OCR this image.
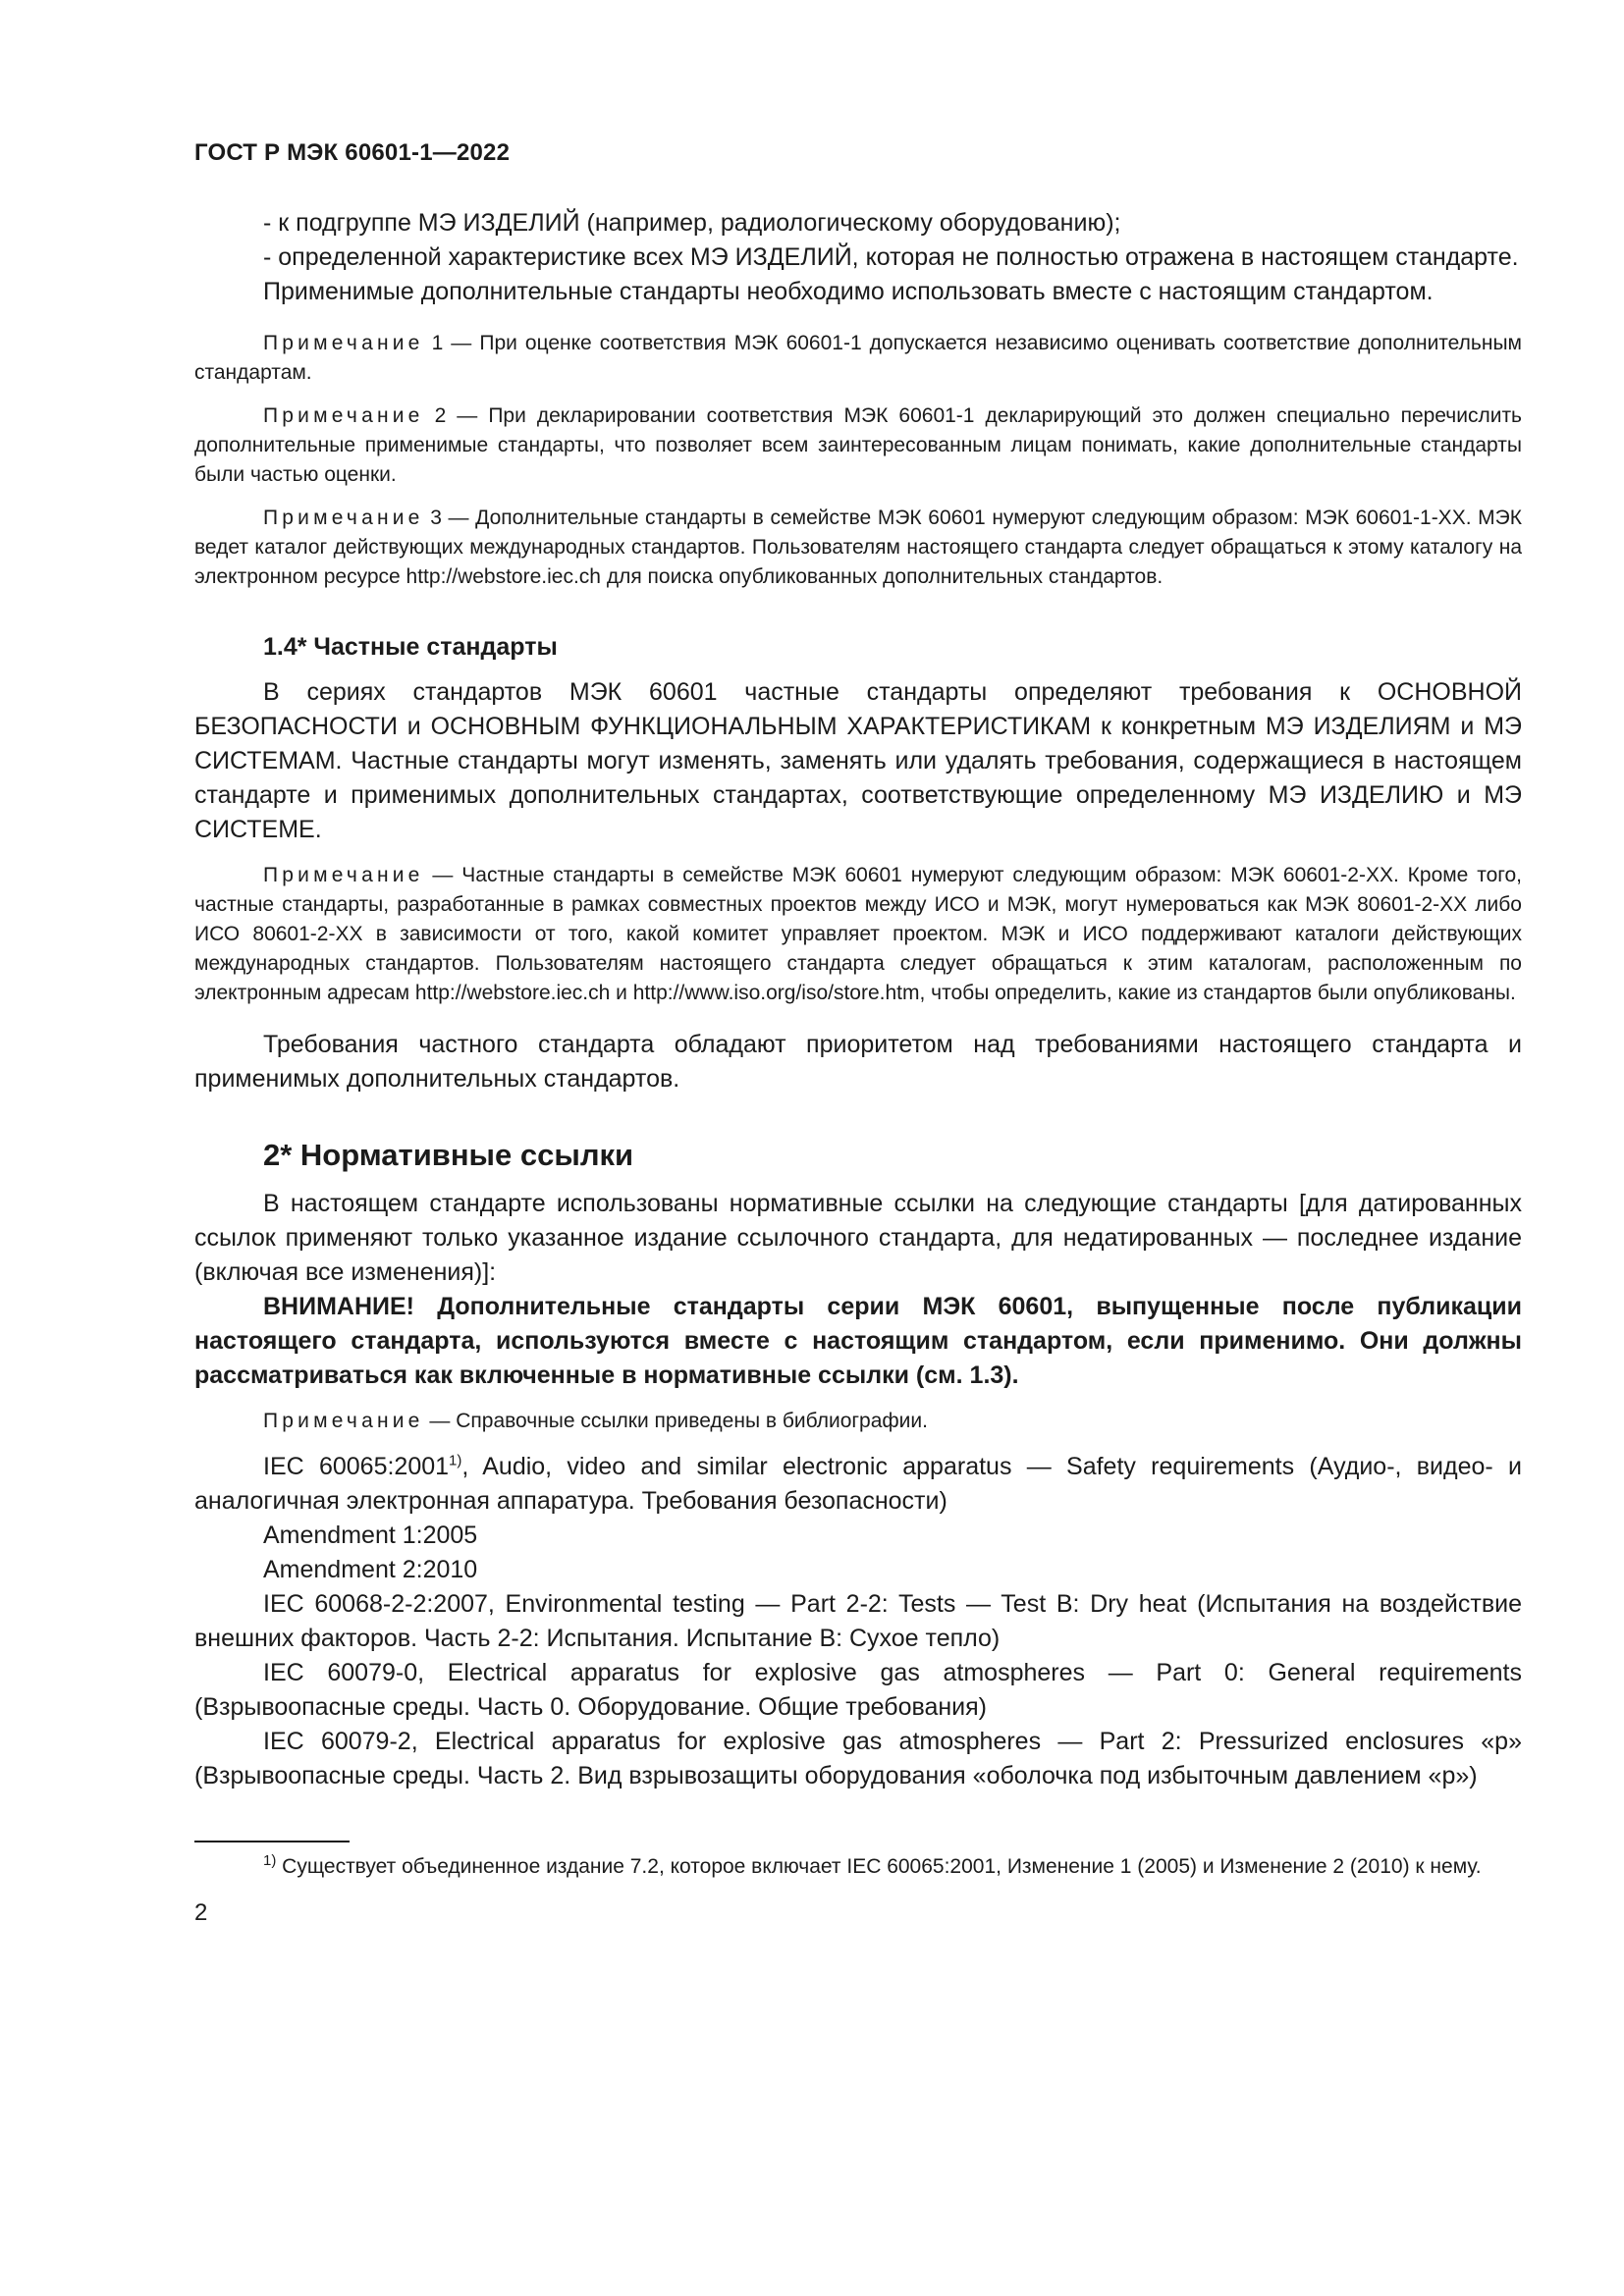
ГОСТ Р МЭК 60601-1—2022

- к подгруппе МЭ ИЗДЕЛИЙ (например, радиологическому оборудованию);

- определенной характеристике всех МЭ ИЗДЕЛИЙ, которая не полностью отражена в настоящем стандарте.

Применимые дополнительные стандарты необходимо использовать вместе с настоящим стандартом.

Примечание 1 — При оценке соответствия МЭК 60601-1 допускается независимо оценивать соответствие дополнительным стандартам.

Примечание 2 — При декларировании соответствия МЭК 60601-1 декларирующий это должен специально перечислить дополнительные применимые стандарты, что позволяет всем заинтересованным лицам понимать, какие дополнительные стандарты были частью оценки.

Примечание 3 — Дополнительные стандарты в семействе МЭК 60601 нумеруют следующим образом: МЭК 60601-1-XX. МЭК ведет каталог действующих международных стандартов. Пользователям настоящего стандарта следует обращаться к этому каталогу на электронном ресурсе http://webstore.iec.ch для поиска опубликованных дополнительных стандартов.

1.4* Частные стандарты

В сериях стандартов МЭК 60601 частные стандарты определяют требования к ОСНОВНОЙ БЕЗОПАСНОСТИ и ОСНОВНЫМ ФУНКЦИОНАЛЬНЫМ ХАРАКТЕРИСТИКАМ к конкретным МЭ ИЗДЕЛИЯМ и МЭ СИСТЕМАМ. Частные стандарты могут изменять, заменять или удалять требования, содержащиеся в настоящем стандарте и применимых дополнительных стандартах, соответствующие определенному МЭ ИЗДЕЛИЮ и МЭ СИСТЕМЕ.

Примечание — Частные стандарты в семействе МЭК 60601 нумеруют следующим образом: МЭК 60601-2-XX. Кроме того, частные стандарты, разработанные в рамках совместных проектов между ИСО и МЭК, могут нумероваться как МЭК 80601-2-XX либо ИСО 80601-2-XX в зависимости от того, какой комитет управляет проектом. МЭК и ИСО поддерживают каталоги действующих международных стандартов. Пользователям настоящего стандарта следует обращаться к этим каталогам, расположенным по электронным адресам http://webstore.iec.ch и http://www.iso.org/iso/store.htm, чтобы определить, какие из стандартов были опубликованы.

Требования частного стандарта обладают приоритетом над требованиями настоящего стандарта и применимых дополнительных стандартов.

2* Нормативные ссылки

В настоящем стандарте использованы нормативные ссылки на следующие стандарты [для датированных ссылок применяют только указанное издание ссылочного стандарта, для недатированных — последнее издание (включая все изменения)]:

ВНИМАНИЕ! Дополнительные стандарты серии МЭК 60601, выпущенные после публикации настоящего стандарта, используются вместе с настоящим стандартом, если применимо. Они должны рассматриваться как включенные в нормативные ссылки (см. 1.3).

Примечание — Справочные ссылки приведены в библиографии.

IEC 60065:2001$^{1)}$, Audio, video and similar electronic apparatus — Safety requirements (Аудио-, видео- и аналогичная электронная аппаратура. Требования безопасности)

Amendment 1:2005

Amendment 2:2010

IEC 60068-2-2:2007, Environmental testing — Part 2-2: Tests — Test B: Dry heat (Испытания на воздействие внешних факторов. Часть 2-2: Испытания. Испытание B: Сухое тепло)

IEC 60079-0, Electrical apparatus for explosive gas atmospheres — Part 0: General requirements (Взрывоопасные среды. Часть 0. Оборудование. Общие требования)

IEC 60079-2, Electrical apparatus for explosive gas atmospheres — Part 2: Pressurized enclosures «p» (Взрывоопасные среды. Часть 2. Вид взрывозащиты оборудования «оболочка под избыточным давлением «p»)

$^{1)}$ Существует объединенное издание 7.2, которое включает IEC 60065:2001, Изменение 1 (2005) и Изменение 2 (2010) к нему.

2
